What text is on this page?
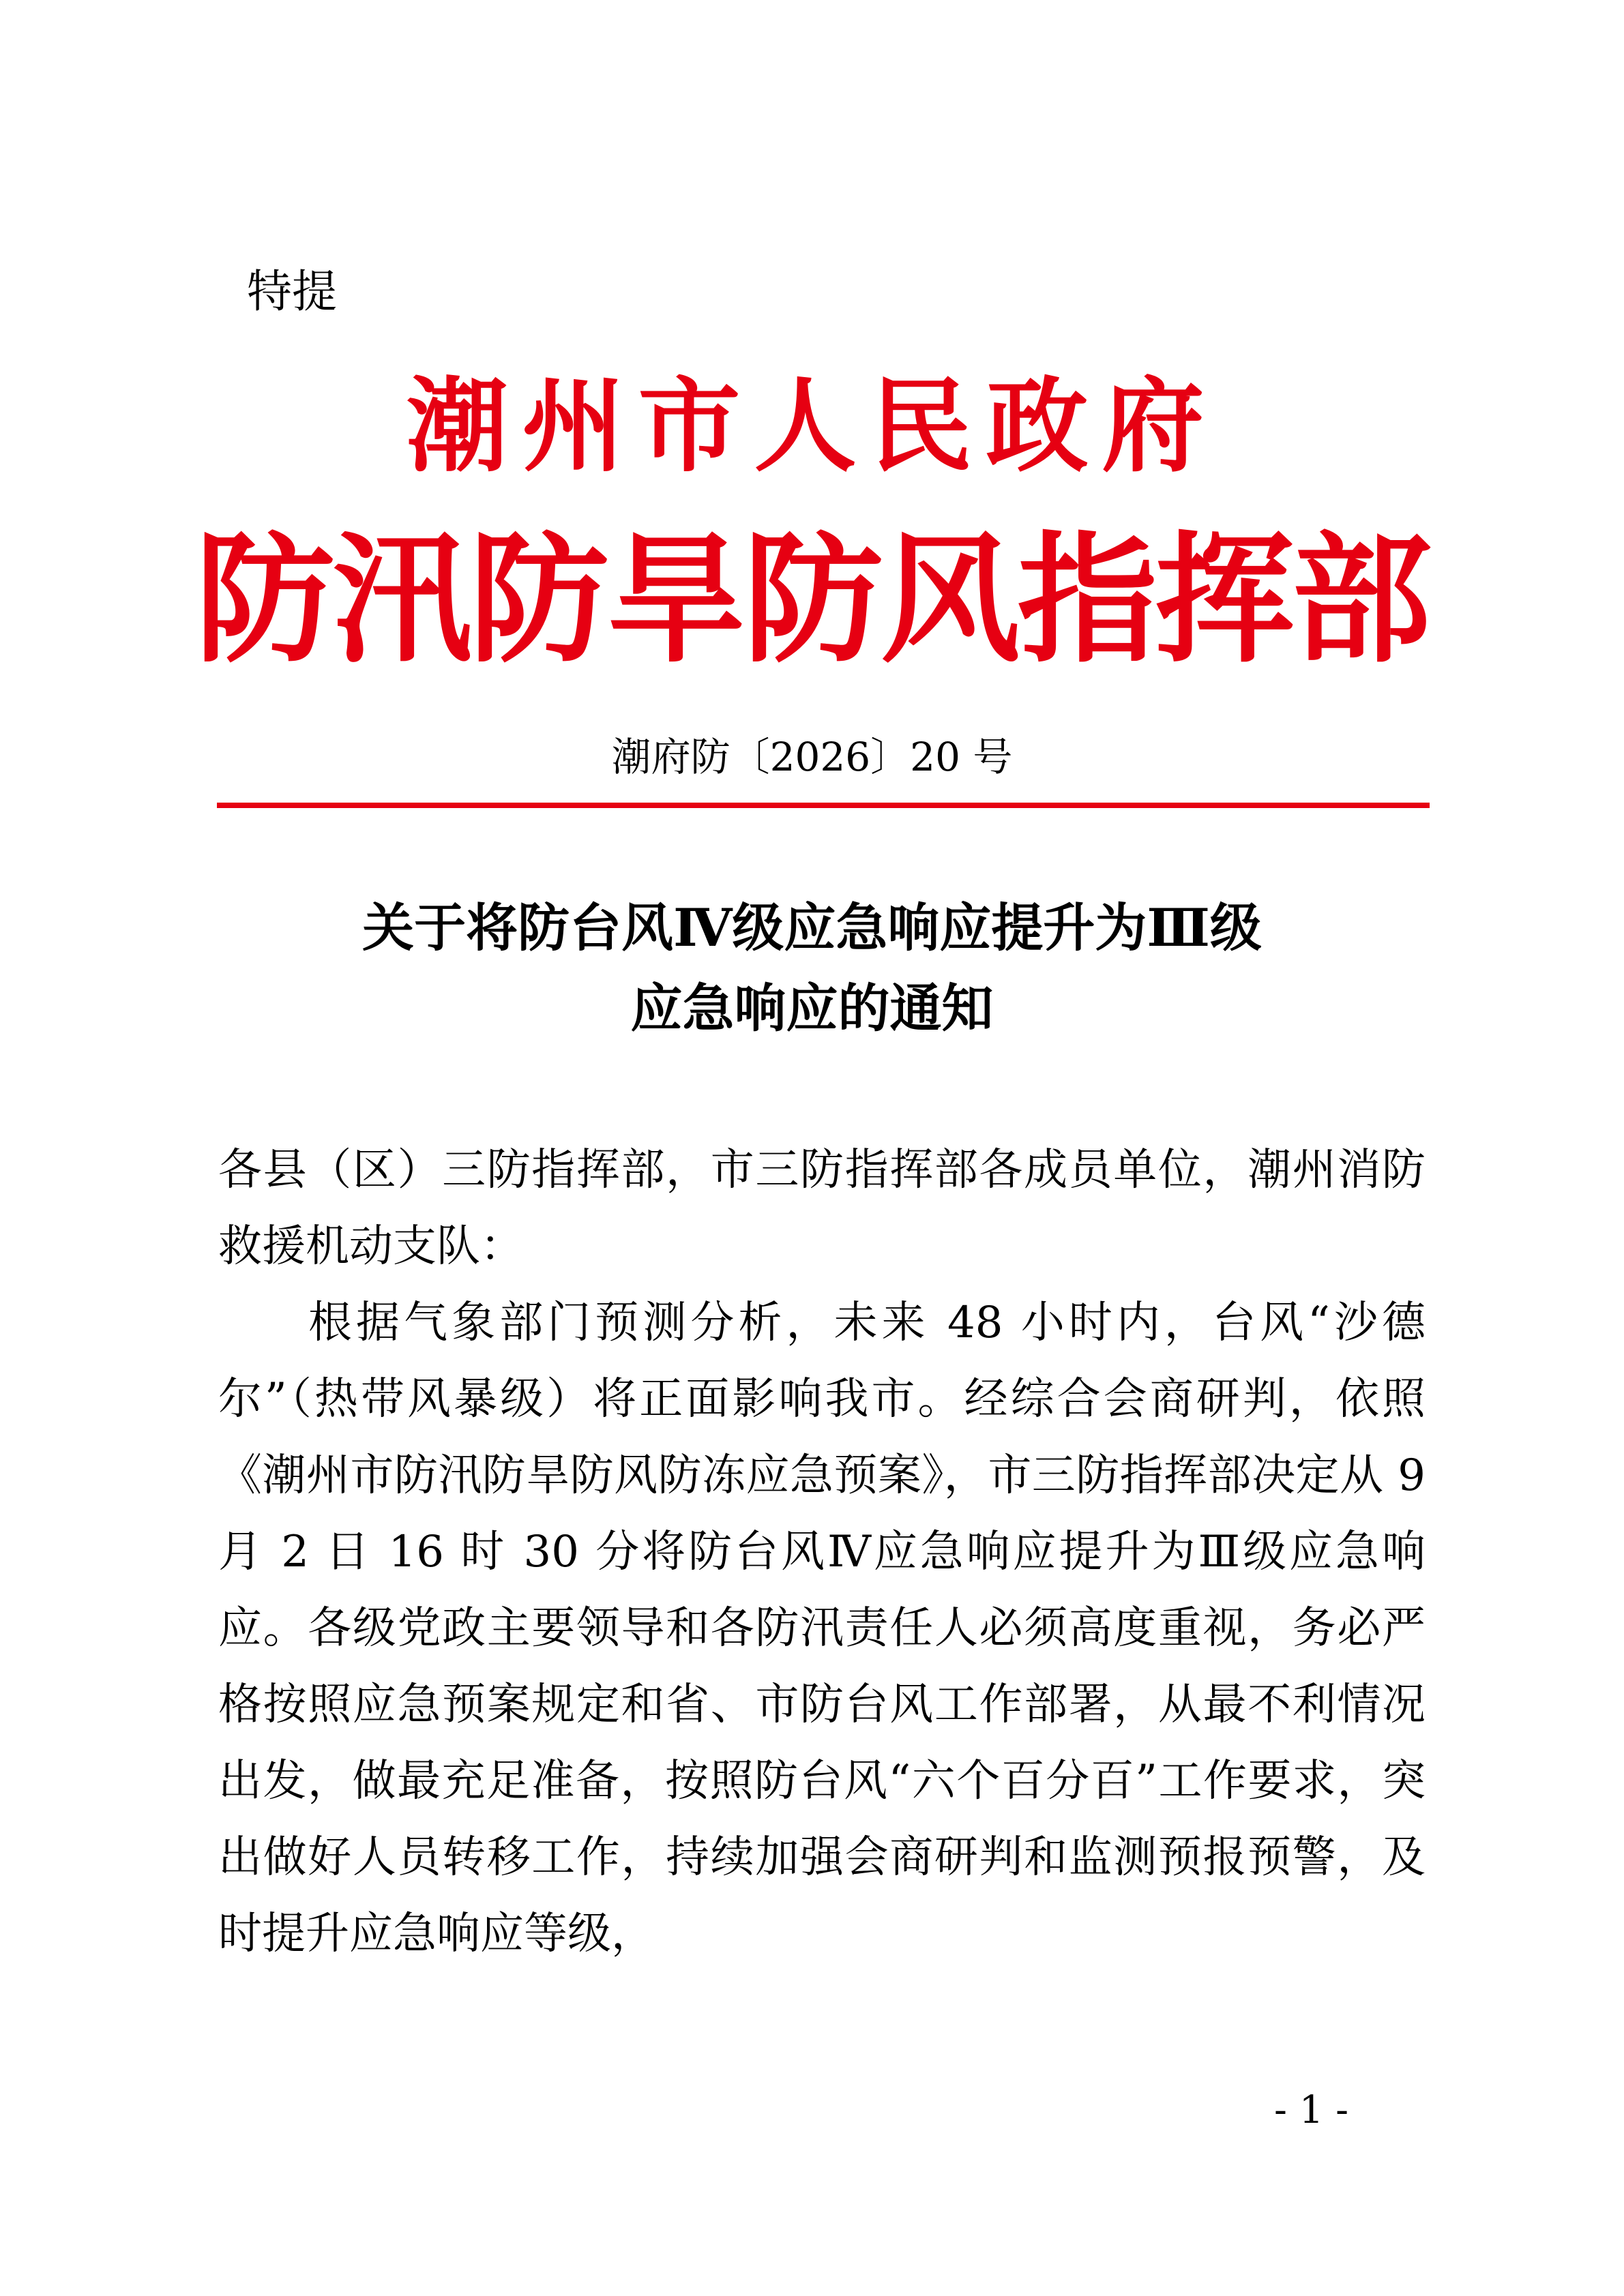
特提
潮州市人民政府
防汛防旱防风指挥部
潮府防〔2026〕20 号
关于将防台风Ⅳ级应急响应提升为Ⅲ级
应急响应的通知

各县（区）三防指挥部，市三防指挥部各成员单位，潮州消防救援机动支队：

根据气象部门预测分析，未来 48 小时内，台风“沙德尔”（热带风暴级）将正面影响我市。经综合会商研判，依照《潮州市防汛防旱防风防冻应急预案》，市三防指挥部决定从 9 月 2 日 16 时 30 分将防台风Ⅳ应急响应提升为Ⅲ级应急响应。各级党政主要领导和各防汛责任人必须高度重视，务必严格按照应急预案规定和省、市防台风工作部署，从最不利情况出发，做最充足准备，按照防台风“六个百分百”工作要求，突出做好人员转移工作，持续加强会商研判和监测预报预警，及时提升应急响应等级，

- 1 -
